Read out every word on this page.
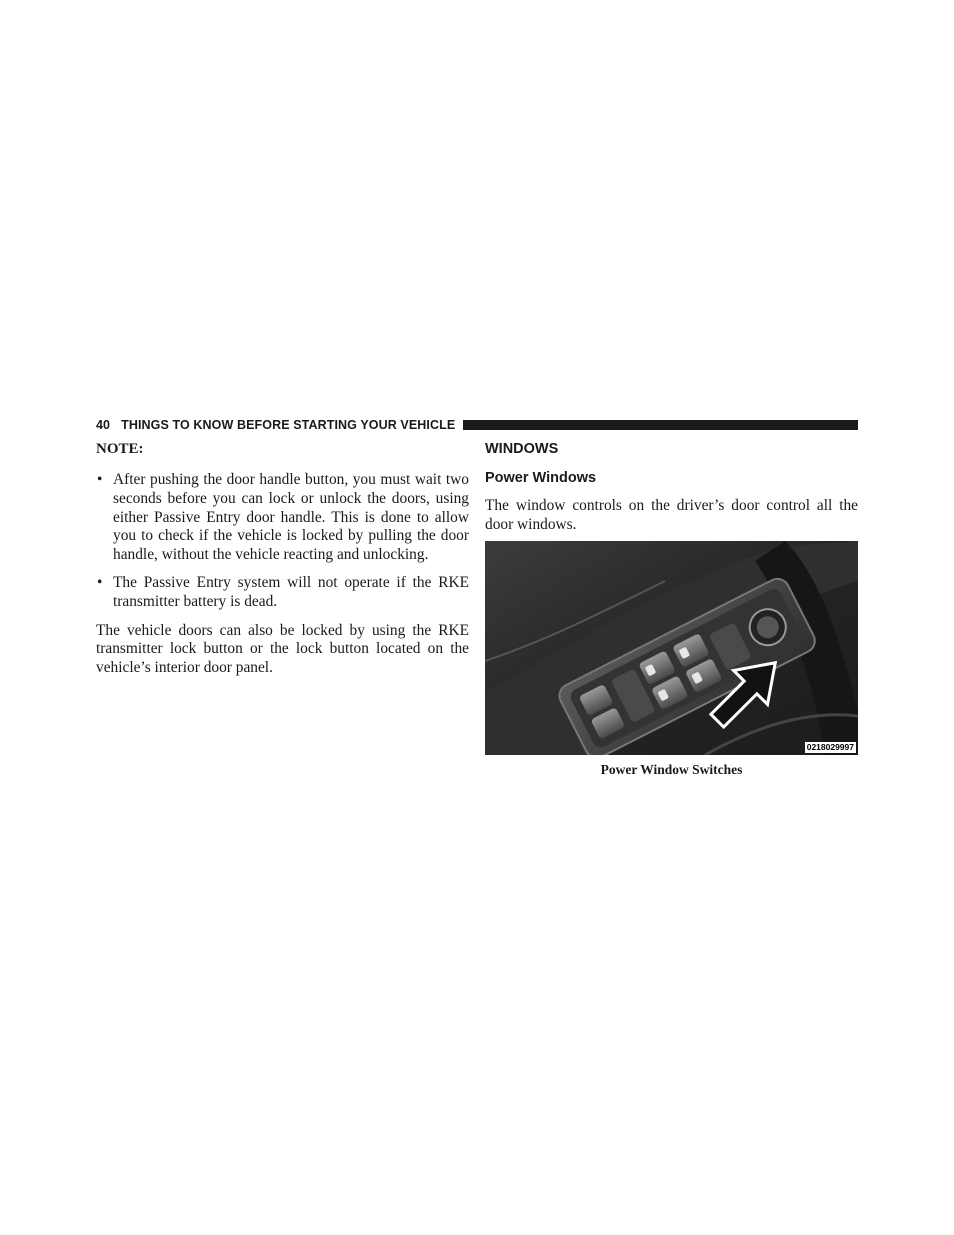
40 THINGS TO KNOW BEFORE STARTING YOUR VEHICLE
NOTE:
• After pushing the door handle button, you must wait two seconds before you can lock or unlock the doors, using either Passive Entry door handle. This is done to allow you to check if the vehicle is locked by pulling the door handle, without the vehicle reacting and unlocking.
• The Passive Entry system will not operate if the RKE transmitter battery is dead.

The vehicle doors can also be locked by using the RKE transmitter lock button or the lock button located on the vehicle’s interior door panel.

WINDOWS
Power Windows

The window controls on the driver’s door control all the door windows.

0218029997
Power Window Switches
